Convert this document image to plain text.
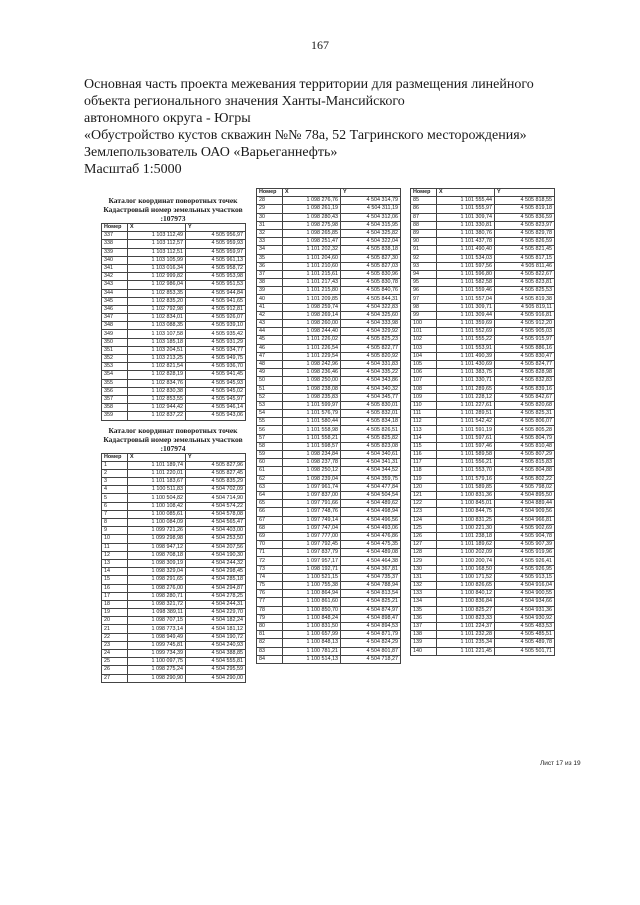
167
Основная часть проекта межевания территории для размещения линейного
объекта регионального значения Ханты-Мансийского
автономного округа - Югры
«Обустройство кустов скважин №№ 78а, 52 Тагринского месторождения»
Землепользователь ОАО «Варьеганнефть»
Масштаб 1:5000
Каталог координат поворотных точек
Кадастровый номер земельных участков
:107973
Номер	X	Y
337	1 103 112,49	4 505 956,97
338	1 103 112,57	4 505 959,93
339	1 103 112,51	4 505 959,97
340	1 103 105,99	4 505 961,13
341	1 103 016,34	4 505 958,72
342	1 102 999,82	4 505 953,98
343	1 102 986,04	4 505 951,53
344	1 102 853,35	4 505 944,84
345	1 102 835,20	4 505 941,65
346	1 102 792,98	4 505 912,81
347	1 102 834,01	4 505 926,07
348	1 103 088,35	4 505 939,10
349	1 103 107,58	4 505 935,42
350	1 103 185,18	4 505 931,29
351	1 103 204,51	4 505 934,77
352	1 103 213,25	4 505 949,75
353	1 102 821,54	4 505 936,70
354	1 102 828,19	4 505 941,45
355	1 102 834,76	4 505 945,93
356	1 102 830,38	4 505 945,02
357	1 102 853,55	4 505 945,97
358	1 102 944,42	4 505 946,14
359	1 102 837,22	4 505 943,06
Каталог координат поворотных точек
Кадастровый номер земельных участков
:107974
Номер	X	Y
1	1 101 189,74	4 505 827,96
2	1 101 220,01	4 505 827,45
3	1 101 183,67	4 505 835,29
4	1 100 511,83	4 504 702,09
5	1 100 504,82	4 504 714,90
6	1 100 108,42	4 504 574,22
7	1 100 085,61	4 504 578,08
8	1 100 084,09	4 504 565,47
9	1 099 721,26	4 504 403,00
10	1 099 298,98	4 504 253,50
11	1 098 947,12	4 504 207,56
12	1 098 708,18	4 504 190,30
13	1 098 309,19	4 504 244,32
14	1 098 329,04	4 504 298,45
15	1 098 291,65	4 504 285,18
16	1 098 276,00	4 504 294,87
17	1 098 280,71	4 504 278,25
18	1 098 321,72	4 504 244,31
19	1 098 389,11	4 504 229,70
20	1 098 707,15	4 504 182,24
21	1 098 773,14	4 504 181,12
22	1 098 949,49	4 504 190,72
23	1 099 745,81	4 504 240,93
24	1 099 734,39	4 504 388,85
25	1 100 097,75	4 504 555,81
26	1 098 275,24	4 504 295,59
27	1 098 290,90	4 504 290,00
Номер	X	Y
28	1 098 276,76	4 504 314,79
29	1 098 261,19	4 504 311,19
30	1 098 280,43	4 504 312,06
31	1 098 275,98	4 504 315,95
32	1 098 265,85	4 504 325,82
33	1 098 251,47	4 504 322,04
34	1 101 202,32	4 505 838,18
35	1 101 204,60	4 505 827,30
36	1 101 210,60	4 505 827,03
37	1 101 215,61	4 505 830,96
38	1 101 217,43	4 505 830,78
39	1 101 215,80	4 505 840,76
40	1 101 209,85	4 505 844,31
41	1 098 259,74	4 504 322,83
42	1 098 269,14	4 504 325,60
43	1 098 260,00	4 504 333,98
44	1 098 244,40	4 504 329,92
45	1 101 226,02	4 505 825,23
46	1 101 226,54	4 505 822,77
47	1 101 229,54	4 505 820,92
48	1 098 242,96	4 504 331,83
49	1 098 236,46	4 504 335,22
50	1 098 250,00	4 504 343,86
51	1 098 238,08	4 504 340,32
52	1 098 235,83	4 504 345,77
53	1 101 599,97	4 505 830,01
54	1 101 576,79	4 505 832,01
55	1 101 580,44	4 505 834,18
56	1 101 558,98	4 505 826,51
57	1 101 558,21	4 505 825,82
58	1 101 598,57	4 505 823,08
59	1 098 234,84	4 504 340,61
60	1 098 237,78	4 504 341,31
61	1 098 250,12	4 504 344,52
62	1 098 239,04	4 504 359,75
63	1 097 961,74	4 504 477,84
64	1 097 837,00	4 504 504,54
65	1 097 791,66	4 504 489,62
66	1 097 748,76	4 504 498,94
67	1 097 749,14	4 504 496,56
68	1 097 747,04	4 504 493,06
69	1 097 777,00	4 504 476,86
70	1 097 792,45	4 504 475,35
71	1 097 837,79	4 504 489,08
72	1 097 957,17	4 504 464,38
73	1 098 192,71	4 504 367,81
74	1 100 521,15	4 504 735,37
75	1 100 755,38	4 504 788,94
76	1 100 864,94	4 504 813,54
77	1 100 861,60	4 504 825,21
78	1 100 850,70	4 504 874,97
79	1 100 848,24	4 504 898,47
80	1 100 831,50	4 504 894,53
81	1 100 657,99	4 504 871,79
82	1 100 848,13	4 504 824,29
83	1 100 781,21	4 504 801,87
84	1 100 514,13	4 504 718,27
Номер	X	Y
85	1 101 555,44	4 505 818,55
86	1 101 555,97	4 505 819,18
87	1 101 309,74	4 505 836,59
88	1 101 330,81	4 505 823,97
89	1 101 380,76	4 505 829,78
90	1 101 437,78	4 505 826,59
91	1 101 490,40	4 505 821,45
92	1 101 534,03	4 505 817,15
93	1 101 597,56	4 505 811,46
94	1 101 596,80	4 505 822,67
95	1 101 582,58	4 505 823,81
96	1 101 559,46	4 505 825,53
97	1 101 557,04	4 505 819,38
98	1 101 309,71	4 505 819,11
99	1 101 309,44	4 505 916,81
100	1 101 359,69	4 505 912,20
101	1 101 552,69	4 505 905,03
102	1 101 555,22	4 505 915,97
103	1 101 553,91	4 505 886,16
104	1 101 490,39	4 505 830,47
105	1 101 430,69	4 505 824,77
106	1 101 383,75	4 505 828,98
107	1 101 330,71	4 505 832,83
108	1 101 289,65	4 505 839,16
109	1 101 228,12	4 505 842,67
110	1 101 227,61	4 505 820,68
111	1 101 289,51	4 505 825,31
112	1 101 542,42	4 505 806,07
113	1 101 591,19	4 505 805,28
114	1 101 597,61	4 505 804,79
115	1 101 597,46	4 505 810,48
116	1 101 589,58	4 505 807,29
117	1 101 556,21	4 505 815,83
118	1 101 553,70	4 505 804,88
119	1 101 579,16	4 505 802,22
120	1 101 589,85	4 505 798,02
121	1 100 831,36	4 504 895,50
122	1 100 845,01	4 504 889,44
123	1 100 844,75	4 504 909,56
124	1 100 831,25	4 504 966,81
125	1 100 221,30	4 505 902,69
126	1 101 238,18	4 505 904,78
127	1 101 189,62	4 505 907,39
128	1 100 202,09	4 505 919,96
129	1 100 200,74	4 505 926,41
130	1 100 168,50	4 505 926,95
131	1 100 171,52	4 505 913,15
132	1 100 826,65	4 504 916,04
133	1 100 840,12	4 504 900,55
134	1 100 836,84	4 504 934,66
135	1 100 825,27	4 504 931,36
136	1 100 823,33	4 504 930,92
137	1 101 224,37	4 505 483,53
138	1 101 232,28	4 505 485,51
139	1 101 235,34	4 505 489,78
140	1 101 221,45	4 505 501,71
Лист 17 из 19
